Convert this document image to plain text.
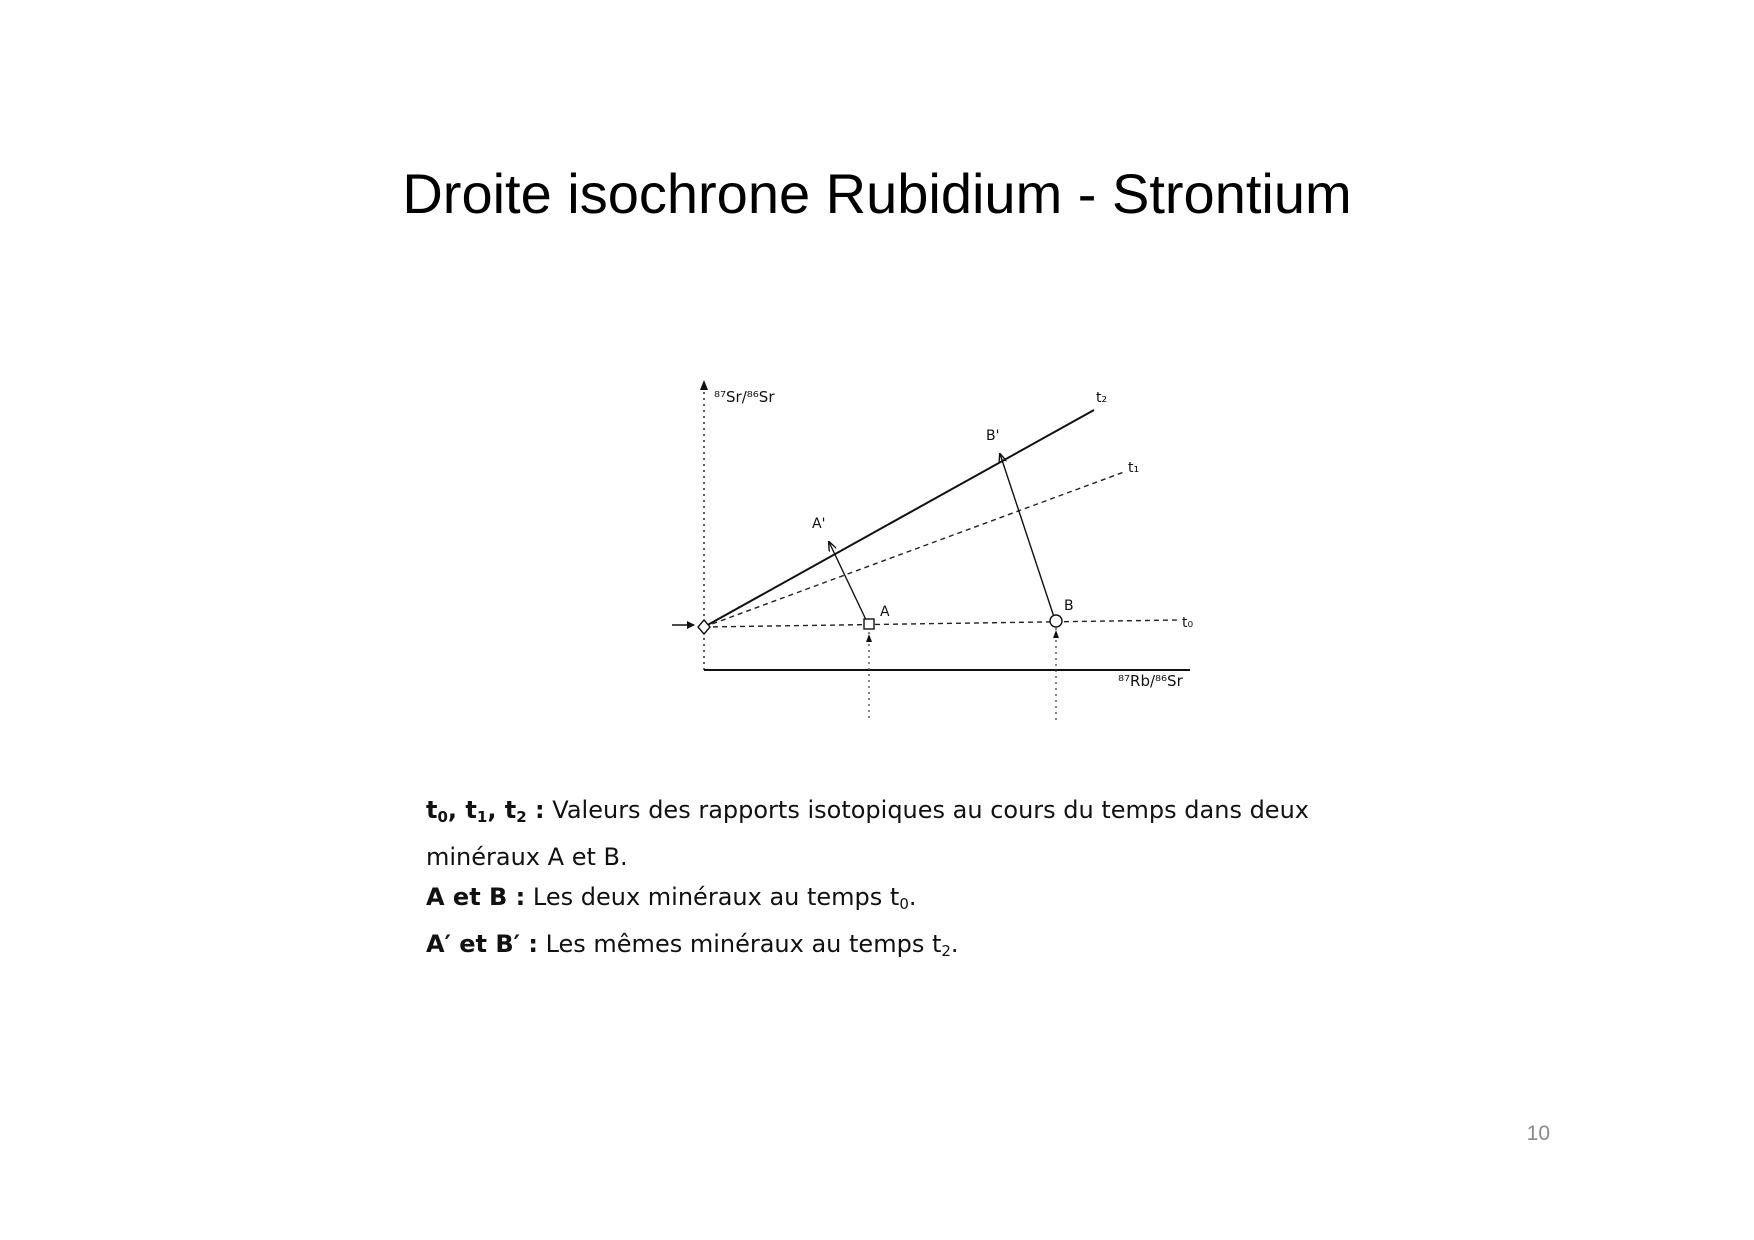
Droite isochrone Rubidium - Strontium
⁸⁷Sr/⁸⁶Sr
⁸⁷Rb/⁸⁶Sr
t₀
t₁
t₂
A	B
A'
B'

$t_0$, $t_1$, $t_2$ : Valeurs des rapports isotopiques au cours du temps dans deux

minéraux A et B.

A et B : Les deux minéraux au temps $t_0$.

A′ et B′ : Les mêmes minéraux au temps $t_2$.

10
